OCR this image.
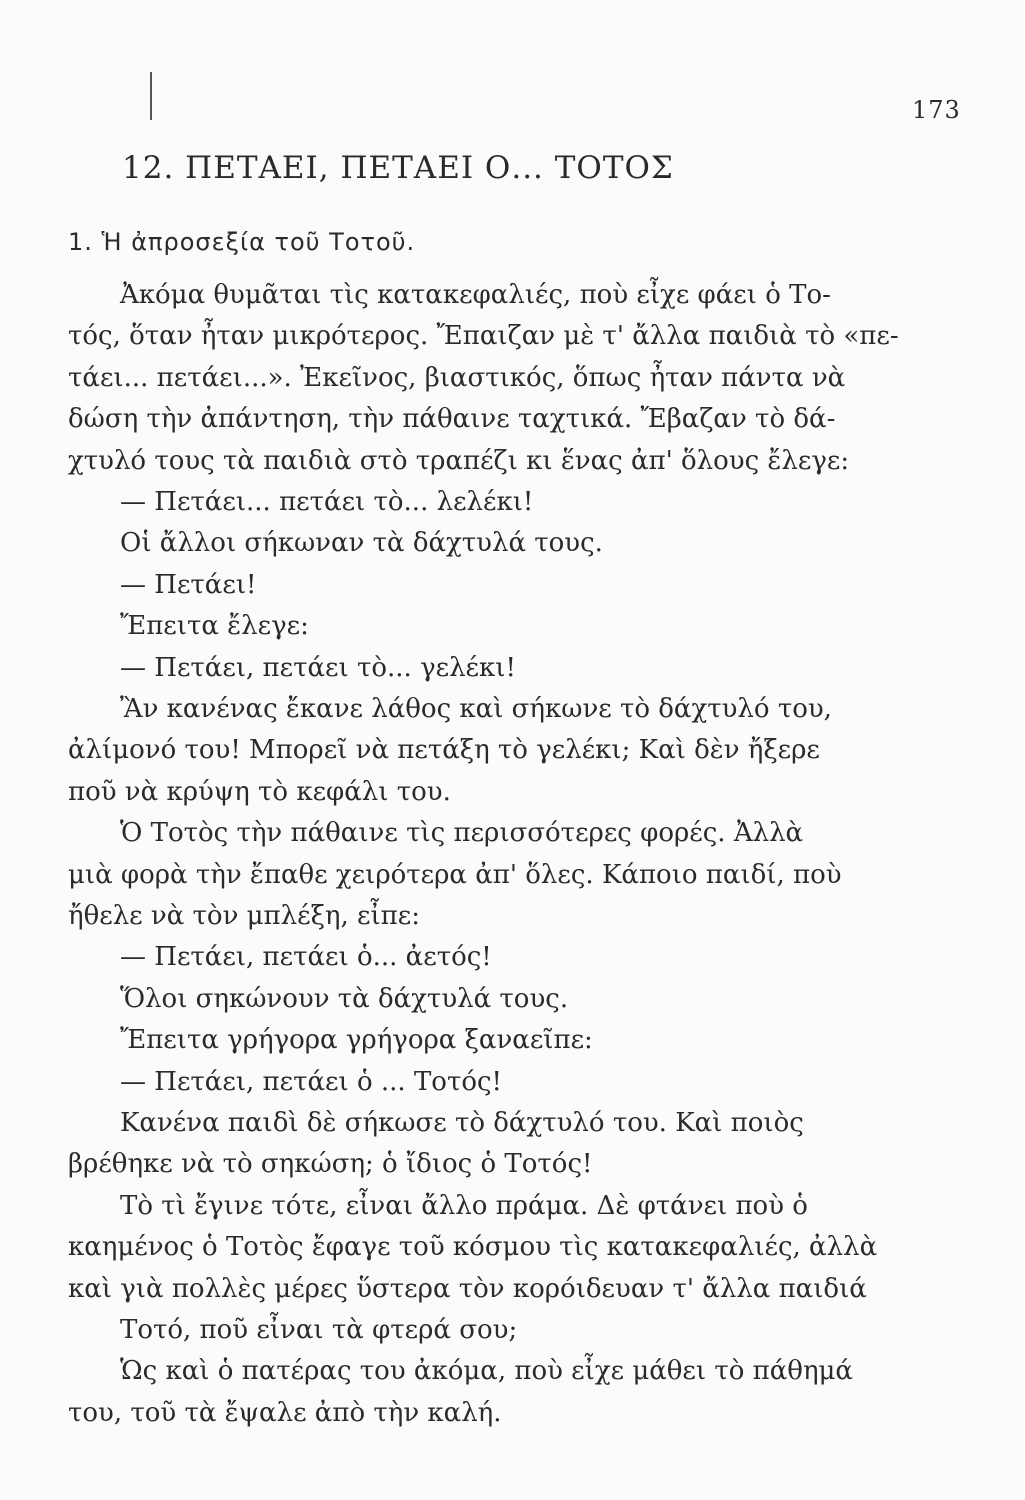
173
12. ΠΕΤΑΕΙ, ΠΕΤΑΕΙ Ο... ΤΟΤΟΣ
1. Ἡ ἀπροσεξία τοῦ Τοτοῦ.
Ἀκόμα θυμᾶται τὶς κατακεφαλιές, ποὺ εἶχε φάει ὁ Το-
τός, ὅταν ἦταν μικρότερος. Ἔπαιζαν μὲ τ' ἄλλα παιδιὰ τὸ «πε-
τάει... πετάει...». Ἐκεῖνος, βιαστικός, ὅπως ἦταν πάντα νὰ
δώση τὴν ἀπάντηση, τὴν πάθαινε ταχτικά. Ἔβαζαν τὸ δά-
χτυλό τους τὰ παιδιὰ στὸ τραπέζι κι ἕνας ἀπ' ὅλους ἔλεγε:
— Πετάει... πετάει τὸ... λελέκι!
Οἱ ἄλλοι σήκωναν τὰ δάχτυλά τους.
— Πετάει!
Ἔπειτα ἔλεγε:
— Πετάει, πετάει τὸ... γελέκι!
Ἂν κανένας ἔκανε λάθος καὶ σήκωνε τὸ δάχτυλό του,
ἀλίμονό του! Μπορεῖ νὰ πετάξη τὸ γελέκι; Καὶ δὲν ἤξερε
ποῦ νὰ κρύψη τὸ κεφάλι του.
Ὁ Τοτὸς τὴν πάθαινε τὶς περισσότερες φορές. Ἀλλὰ
μιὰ φορὰ τὴν ἔπαθε χειρότερα ἀπ' ὅλες. Κάποιο παιδί, ποὺ
ἤθελε νὰ τὸν μπλέξη, εἶπε:
— Πετάει, πετάει ὁ... ἀετός!
Ὅλοι σηκώνουν τὰ δάχτυλά τους.
Ἔπειτα γρήγορα γρήγορα ξαναεῖπε:
— Πετάει, πετάει ὁ ... Τοτός!
Κανένα παιδὶ δὲ σήκωσε τὸ δάχτυλό του. Καὶ ποιὸς
βρέθηκε νὰ τὸ σηκώση; ὁ ἴδιος ὁ Τοτός!
Τὸ τὶ ἔγινε τότε, εἶναι ἄλλο πράμα. Δὲ φτάνει ποὺ ὁ
καημένος ὁ Τοτὸς ἔφαγε τοῦ κόσμου τὶς κατακεφαλιές, ἀλλὰ
καὶ γιὰ πολλὲς μέρες ὕστερα τὸν κορόιδευαν τ' ἄλλα παιδιά
Τοτό, ποῦ εἶναι τὰ φτερά σου;
Ὡς καὶ ὁ πατέρας του ἀκόμα, ποὺ εἶχε μάθει τὸ πάθημά
του, τοῦ τὰ ἔψαλε ἀπὸ τὴν καλή.
